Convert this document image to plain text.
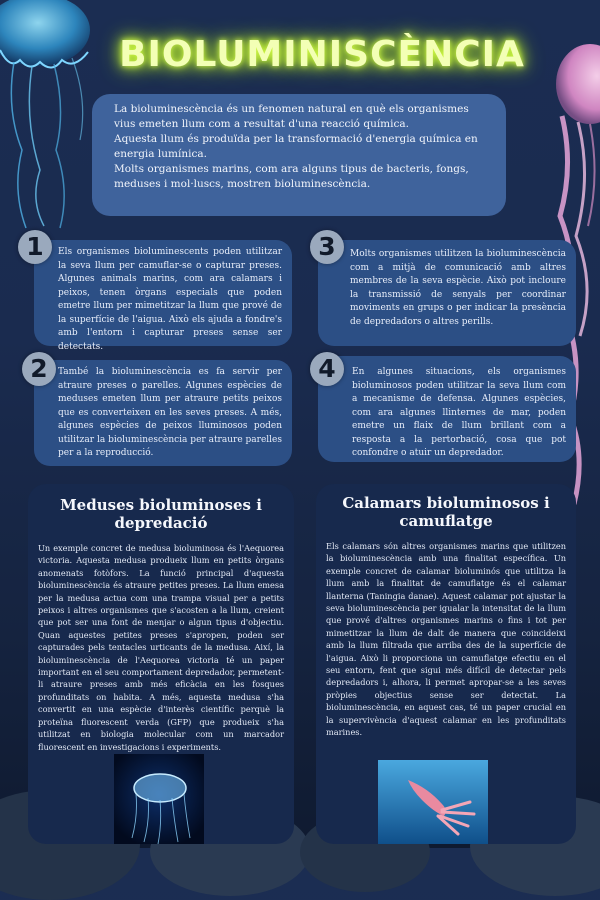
BIOLUMINISCÈNCIA
La bioluminescència és un fenomen natural en què els organismes vius emeten llum com a resultat d'una reacció química.
Aquesta llum és produïda per la transformació d'energia química en energia lumínica.
Molts organismes marins, com ara alguns tipus de bacteris, fongs, meduses i mol·luscs, mostren bioluminescència.
Els organismes bioluminescents poden utilitzar la seva llum per camuflar-se o capturar preses. Algunes animals marins, com ara calamars i peixos, tenen òrgans especials que poden emetre llum per mimetitzar la llum que prové de la superfície de l'aigua. Això els ajuda a fondre's amb l'entorn i capturar preses sense ser detectats.
1	Molts organismes utilitzen la bioluminescència com a mitjà de comunicació amb altres membres de la seva espècie. Això pot incloure la transmissió de senyals per coordinar moviments en grups o per indicar la presència de depredadors o altres perills.
3
També la bioluminescència es fa servir per atraure preses o parelles. Algunes espècies de meduses emeten llum per atraure petits peixos que es converteixen en les seves preses. A més, algunes espècies de peixos lluminosos poden utilitzar la bioluminescència per atraure parelles per a la reproducció.
2	En algunes situacions, els organismes bioluminosos poden utilitzar la seva llum com a mecanisme de defensa. Algunes espècies, com ara algunes llinternes de mar, poden emetre un flaix de llum brillant com a resposta a la pertorbació, cosa que pot confondre o atuir un depredador.
4
Meduses bioluminoses i depredació
Un exemple concret de medusa bioluminosa és l'Aequorea victoria. Aquesta medusa produeix llum en petits òrgans anomenats fotòfors. La funció principal d'aquesta bioluminescència és atraure petites preses. La llum emesa per la medusa actua com una trampa visual per a petits peixos i altres organismes que s'acosten a la llum, creient que pot ser una font de menjar o algun tipus d'objectiu. Quan aquestes petites preses s'apropen, poden ser capturades pels tentacles urticants de la medusa. Així, la bioluminescència de l'Aequorea victoria té un paper important en el seu comportament depredador, permetent-li atraure preses amb més eficàcia en les fosques profunditats on habita. A més, aquesta medusa s'ha convertit en una espècie d'interès científic perquè la proteïna fluorescent verda (GFP) que produeix s'ha utilitzat en biologia molecular com un marcador fluorescent en investigacions i experiments.
Calamars bioluminosos i camuflatge
Els calamars són altres organismes marins que utilitzen la bioluminescència amb una finalitat específica. Un exemple concret de calamar bioluminós que utilitza la llum amb la finalitat de camuflatge és el calamar llanterna (Taningia danae). Aquest calamar pot ajustar la seva bioluminescència per igualar la intensitat de la llum que prové d'altres organismes marins o fins i tot per mimetitzar la llum de dalt de manera que coincideixi amb la llum filtrada que arriba des de la superfície de l'aigua. Això li proporciona un camuflatge efectiu en el seu entorn, fent que sigui més difícil de detectar pels depredadors i, alhora, li permet apropar-se a les seves pròpies objectius sense ser detectat. La bioluminescència, en aquest cas, té un paper crucial en la supervivència d'aquest calamar en les profunditats marines.
